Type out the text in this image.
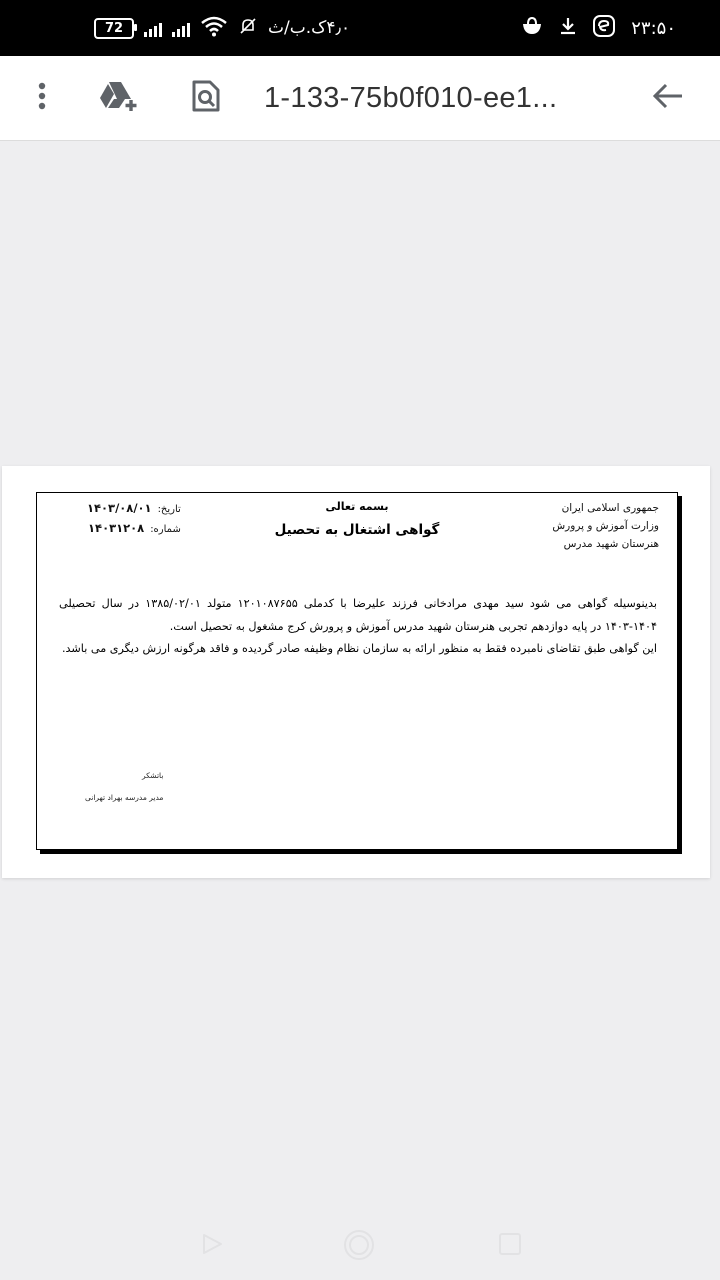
72	۴٫۰ک.ب/ث	۲۳:۵۰
1-133-75b0f010-ee1...
جمهوری اسلامی ایران
وزارت آموزش و پرورش
هنرستان شهید مدرس
بسمه تعالی
گواهی اشتغال به تحصیل
تاریخ:
۱۴۰۳/۰۸/۰۱
شماره:
۱۴۰۳۱۲۰۸

بدینوسیله گواهی می شود سید مهدی مرادخانی فرزند علیرضا با کدملی ۱۲۰۱۰۸۷۶۵۵ متولد ۱۳۸۵/۰۲/۰۱ در سال تحصیلی ۱۴۰۴-۱۴۰۳ در پایه دوازدهم تجربی هنرستان شهید مدرس آموزش و پرورش کرج مشغول به تحصیل است.

این گواهی طبق تقاضای نامبرده فقط به منظور ارائه به سازمان نظام وظیفه صادر گردیده و فاقد هرگونه ارزش دیگری می باشد.

باتشکر
مدیر مدرسه بهراد تهرانی
